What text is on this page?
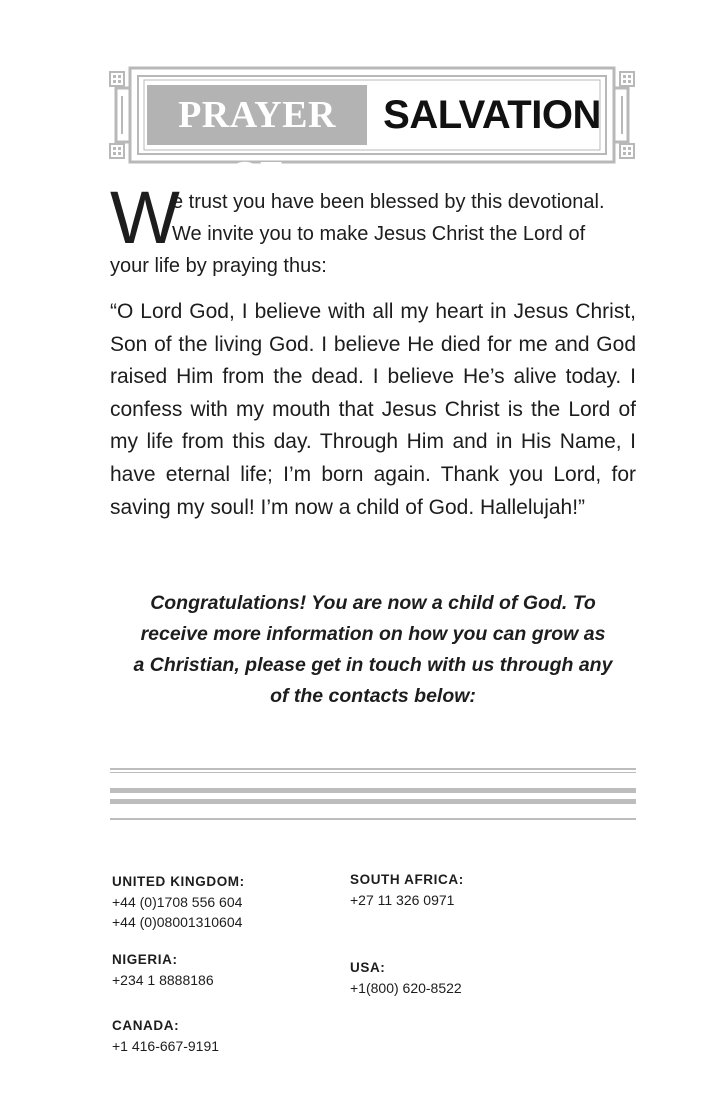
PRAYER OF
SALVATION
W
e trust you have been blessed by this devotional.
We invite you to make Jesus Christ the Lord of
your life by praying thus:
“O Lord God, I believe with all my heart in Jesus Christ, Son of the living God. I believe He died for me and God raised Him from the dead. I believe He’s alive today. I confess with my mouth that Jesus Christ is the Lord of my life from this day. Through Him and in His Name, I have eternal life; I’m born again. Thank you Lord, for saving my soul! I’m now a child of God. Hallelujah!”
Congratulations! You are now a child of God. To
receive more information on how you can grow as
a Christian, please get in touch with us through any
of the contacts below:
UNITED KINGDOM:
+44 (0)1708 556 604
+44 (0)08001310604
SOUTH AFRICA:
+27 11 326 0971
NIGERIA:
+234 1 8888186
USA:
+1(800) 620-8522
CANADA:
+1 416-667-9191
